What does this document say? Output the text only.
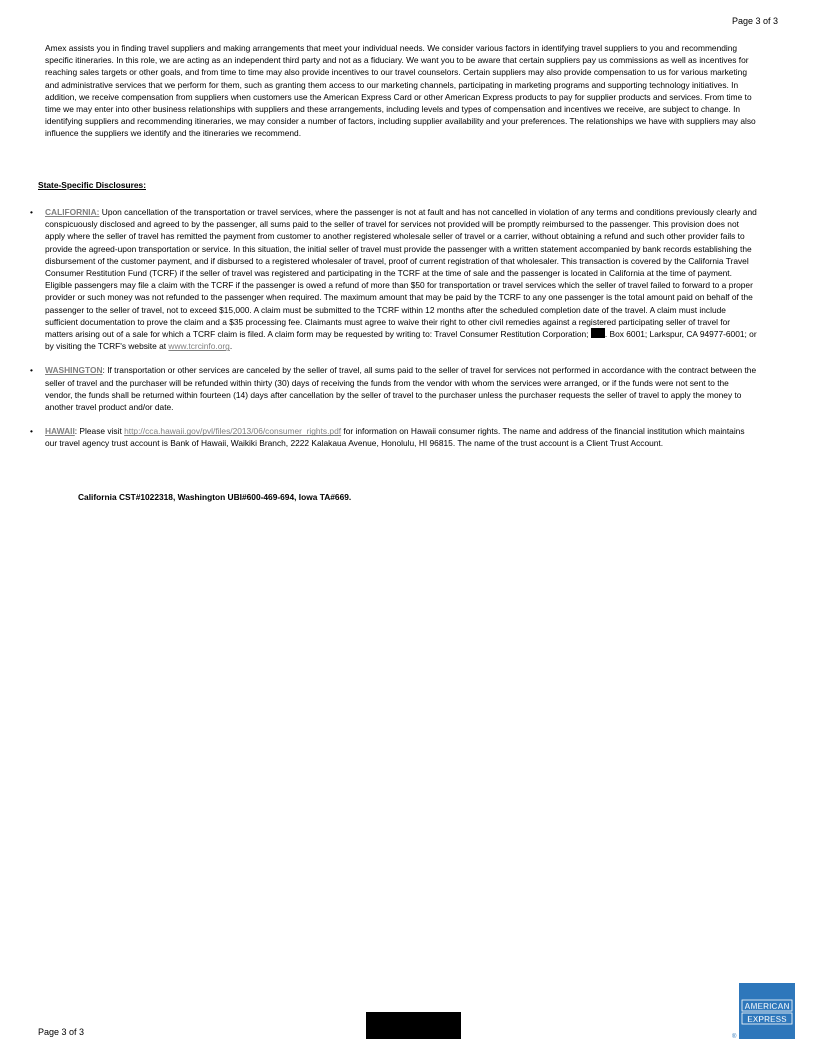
Page 3 of 3

Amex assists you in finding travel suppliers and making arrangements that meet your individual needs. We consider various factors in identifying travel suppliers to you and recommending specific itineraries. In this role, we are acting as an independent third party and not as a fiduciary. We want you to be aware that certain suppliers pay us commissions as well as incentives for reaching sales targets or other goals, and from time to time may also provide incentives to our travel counselors. Certain suppliers may also provide compensation to us for various marketing and administrative services that we perform for them, such as granting them access to our marketing channels, participating in marketing programs and supporting technology initiatives. In addition, we receive compensation from suppliers when customers use the American Express Card or other American Express products to pay for supplier products and services. From time to time we may enter into other business relationships with suppliers and these arrangements, including levels and types of compensation and incentives we receive, are subject to change. In identifying suppliers and recommending itineraries, we may consider a number of factors, including supplier availability and your preferences. The relationships we have with suppliers may also influence the suppliers we identify and the itineraries we recommend.

State-Specific Disclosures:

• CALIFORNIA: Upon cancellation of the transportation or travel services, where the passenger is not at fault and has not cancelled in violation of any terms and conditions previously clearly and conspicuously disclosed and agreed to by the passenger, all sums paid to the seller of travel for services not provided will be promptly reimbursed to the passenger. This provision does not apply where the seller of travel has remitted the payment from customer to another registered wholesale seller of travel or a carrier, without obtaining a refund and such other provider fails to provide the agreed-upon transportation or service. In this situation, the initial seller of travel must provide the passenger with a written statement accompanied by bank records establishing the disbursement of the customer payment, and if disbursed to a registered wholesaler of travel, proof of current registration of that wholesaler. This transaction is covered by the California Travel Consumer Restitution Fund (TCRF) if the seller of travel was registered and participating in the TCRF at the time of sale and the passenger is located in California at the time of payment. Eligible passengers may file a claim with the TCRF if the passenger is owed a refund of more than $50 for transportation or travel services which the seller of travel failed to forward to a proper provider or such money was not refunded to the passenger when required. The maximum amount that may be paid by the TCRF to any one passenger is the total amount paid on behalf of the passenger to the seller of travel, not to exceed $15,000. A claim must be submitted to the TCRF within 12 months after the scheduled completion date of the travel. A claim must include sufficient documentation to prove the claim and a $35 processing fee. Claimants must agree to waive their right to other civil remedies against a registered participating seller of travel for matters arising out of a sale for which a TCRF claim is filed. A claim form may be requested by writing to: Travel Consumer Restitution Corporation; . Box 6001; Larkspur, CA 94977-6001; or by visiting the TCRF's website at www.tcrcinfo.org.
• WASHINGTON: If transportation or other services are canceled by the seller of travel, all sums paid to the seller of travel for services not performed in accordance with the contract between the seller of travel and the purchaser will be refunded within thirty (30) days of receiving the funds from the vendor with whom the services were arranged, or if the funds were not sent to the vendor, the funds shall be returned within fourteen (14) days after cancellation by the seller of travel to the purchaser unless the purchaser requests the seller of travel to apply the money to another travel product and/or date.
• HAWAII: Please visit http://cca.hawaii.gov/pvl/files/2013/06/consumer_rights.pdf for information on Hawaii consumer rights. The name and address of the financial institution which maintains our travel agency trust account is Bank of Hawaii, Waikiki Branch, 2222 Kalakaua Avenue, Honolulu, HI 96815. The name of the trust account is a Client Trust Account.

California CST#1022318, Washington UBI#600-469-694, Iowa TA#669.

Page 3 of 3
AMERICAN
EXPRESS
®
